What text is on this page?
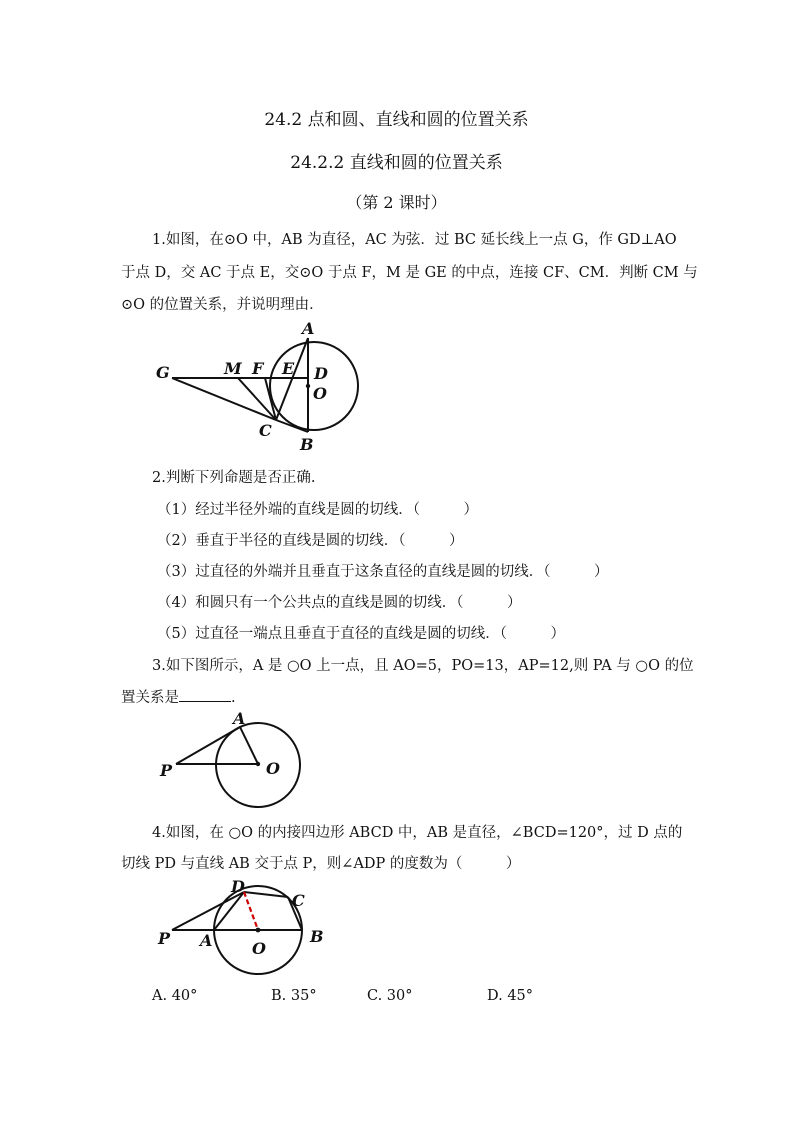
24.2 点和圆、直线和圆的位置关系
24.2.2 直线和圆的位置关系
（第 2 课时）
1.如图，在⊙O 中，AB 为直径，AC 为弦．过 BC 延长线上一点 G，作 GD⊥AO
于点 D，交 AC 于点 E，交⊙O 于点 F，M 是 GE 的中点，连接 CF、CM．判断 CM 与
⊙O 的位置关系，并说明理由．
A
G	M F E D
O
C
B
2.判断下列命题是否正确.
（1）经过半径外端的直线是圆的切线．（　　　）
（2）垂直于半径的直线是圆的切线．（　　　）
（3）过直径的外端并且垂直于这条直径的直线是圆的切线．（　　　）
（4）和圆只有一个公共点的直线是圆的切线．（　　　）
（5）过直径一端点且垂直于直径的直线是圆的切线．（　　　）
3.如下图所示，A 是 ○O 上一点，且 AO=5，PO=13，AP=12,则 PA 与 ○O 的位
置关系是	.
A
P	O
4.如图，在 ○O 的内接四边形 ABCD 中，AB 是直径，∠BCD=120°，过 D 点的
切线 PD 与直线 AB 交于点 P，则∠ADP 的度数为（　　　）
D
C
P A O
B
A. 40°	B. 35°	C. 30°	D. 45°
